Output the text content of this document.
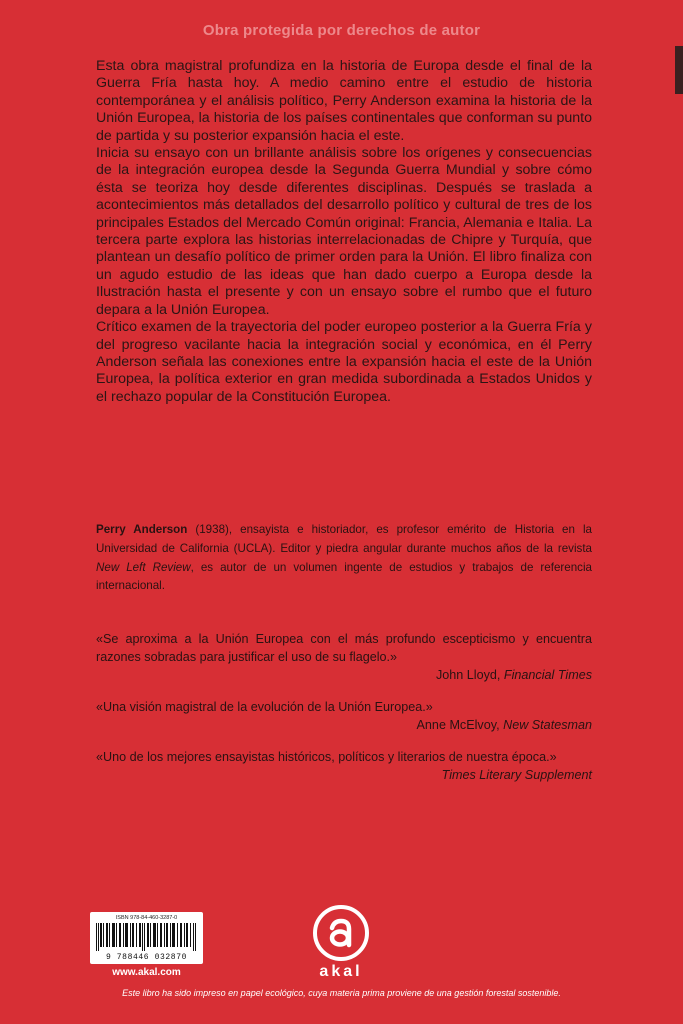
Obra protegida por derechos de autor

Esta obra magistral profundiza en la historia de Europa desde el final de la Guerra Fría hasta hoy. A medio camino entre el estudio de historia contemporánea y el análisis político, Perry Anderson examina la historia de la Unión Europea, la historia de los países continentales que conforman su punto de partida y su posterior expansión hacia el este.

Inicia su ensayo con un brillante análisis sobre los orígenes y consecuencias de la integración europea desde la Segunda Guerra Mundial y sobre cómo ésta se teoriza hoy desde diferentes disciplinas. Después se traslada a acontecimientos más detallados del desarrollo político y cultural de tres de los principales Estados del Mercado Común original: Francia, Alemania e Italia. La tercera parte explora las historias interrelacionadas de Chipre y Turquía, que plantean un desafío político de primer orden para la Unión. El libro finaliza con un agudo estudio de las ideas que han dado cuerpo a Europa desde la Ilustración hasta el presente y con un ensayo sobre el rumbo que el futuro depara a la Unión Europea.

Crítico examen de la trayectoria del poder europeo posterior a la Guerra Fría y del progreso vacilante hacia la integración social y económica, en él Perry Anderson señala las conexiones entre la expansión hacia el este de la Unión Europea, la política exterior en gran medida subordinada a Estados Unidos y el rechazo popular de la Constitución Europea.

Perry Anderson (1938), ensayista e historiador, es profesor emérito de Historia en la Universidad de California (UCLA). Editor y piedra angular durante muchos años de la revista New Left Review, es autor de un volumen ingente de estudios y trabajos de referencia internacional.
«Se aproxima a la Unión Europea con el más profundo escepticismo y encuentra razones sobradas para justificar el uso de su flagelo.»
John Lloyd, Financial Times
«Una visión magistral de la evolución de la Unión Europea.»
Anne McElvoy, New Statesman
«Uno de los mejores ensayistas históricos, políticos y literarios de nuestra época.»
Times Literary Supplement
ISBN 978-84-460-3287-0
9 788446 032870
www.akal.com	akal
Este libro ha sido impreso en papel ecológico, cuya materia prima proviene de una gestión forestal sostenible.
